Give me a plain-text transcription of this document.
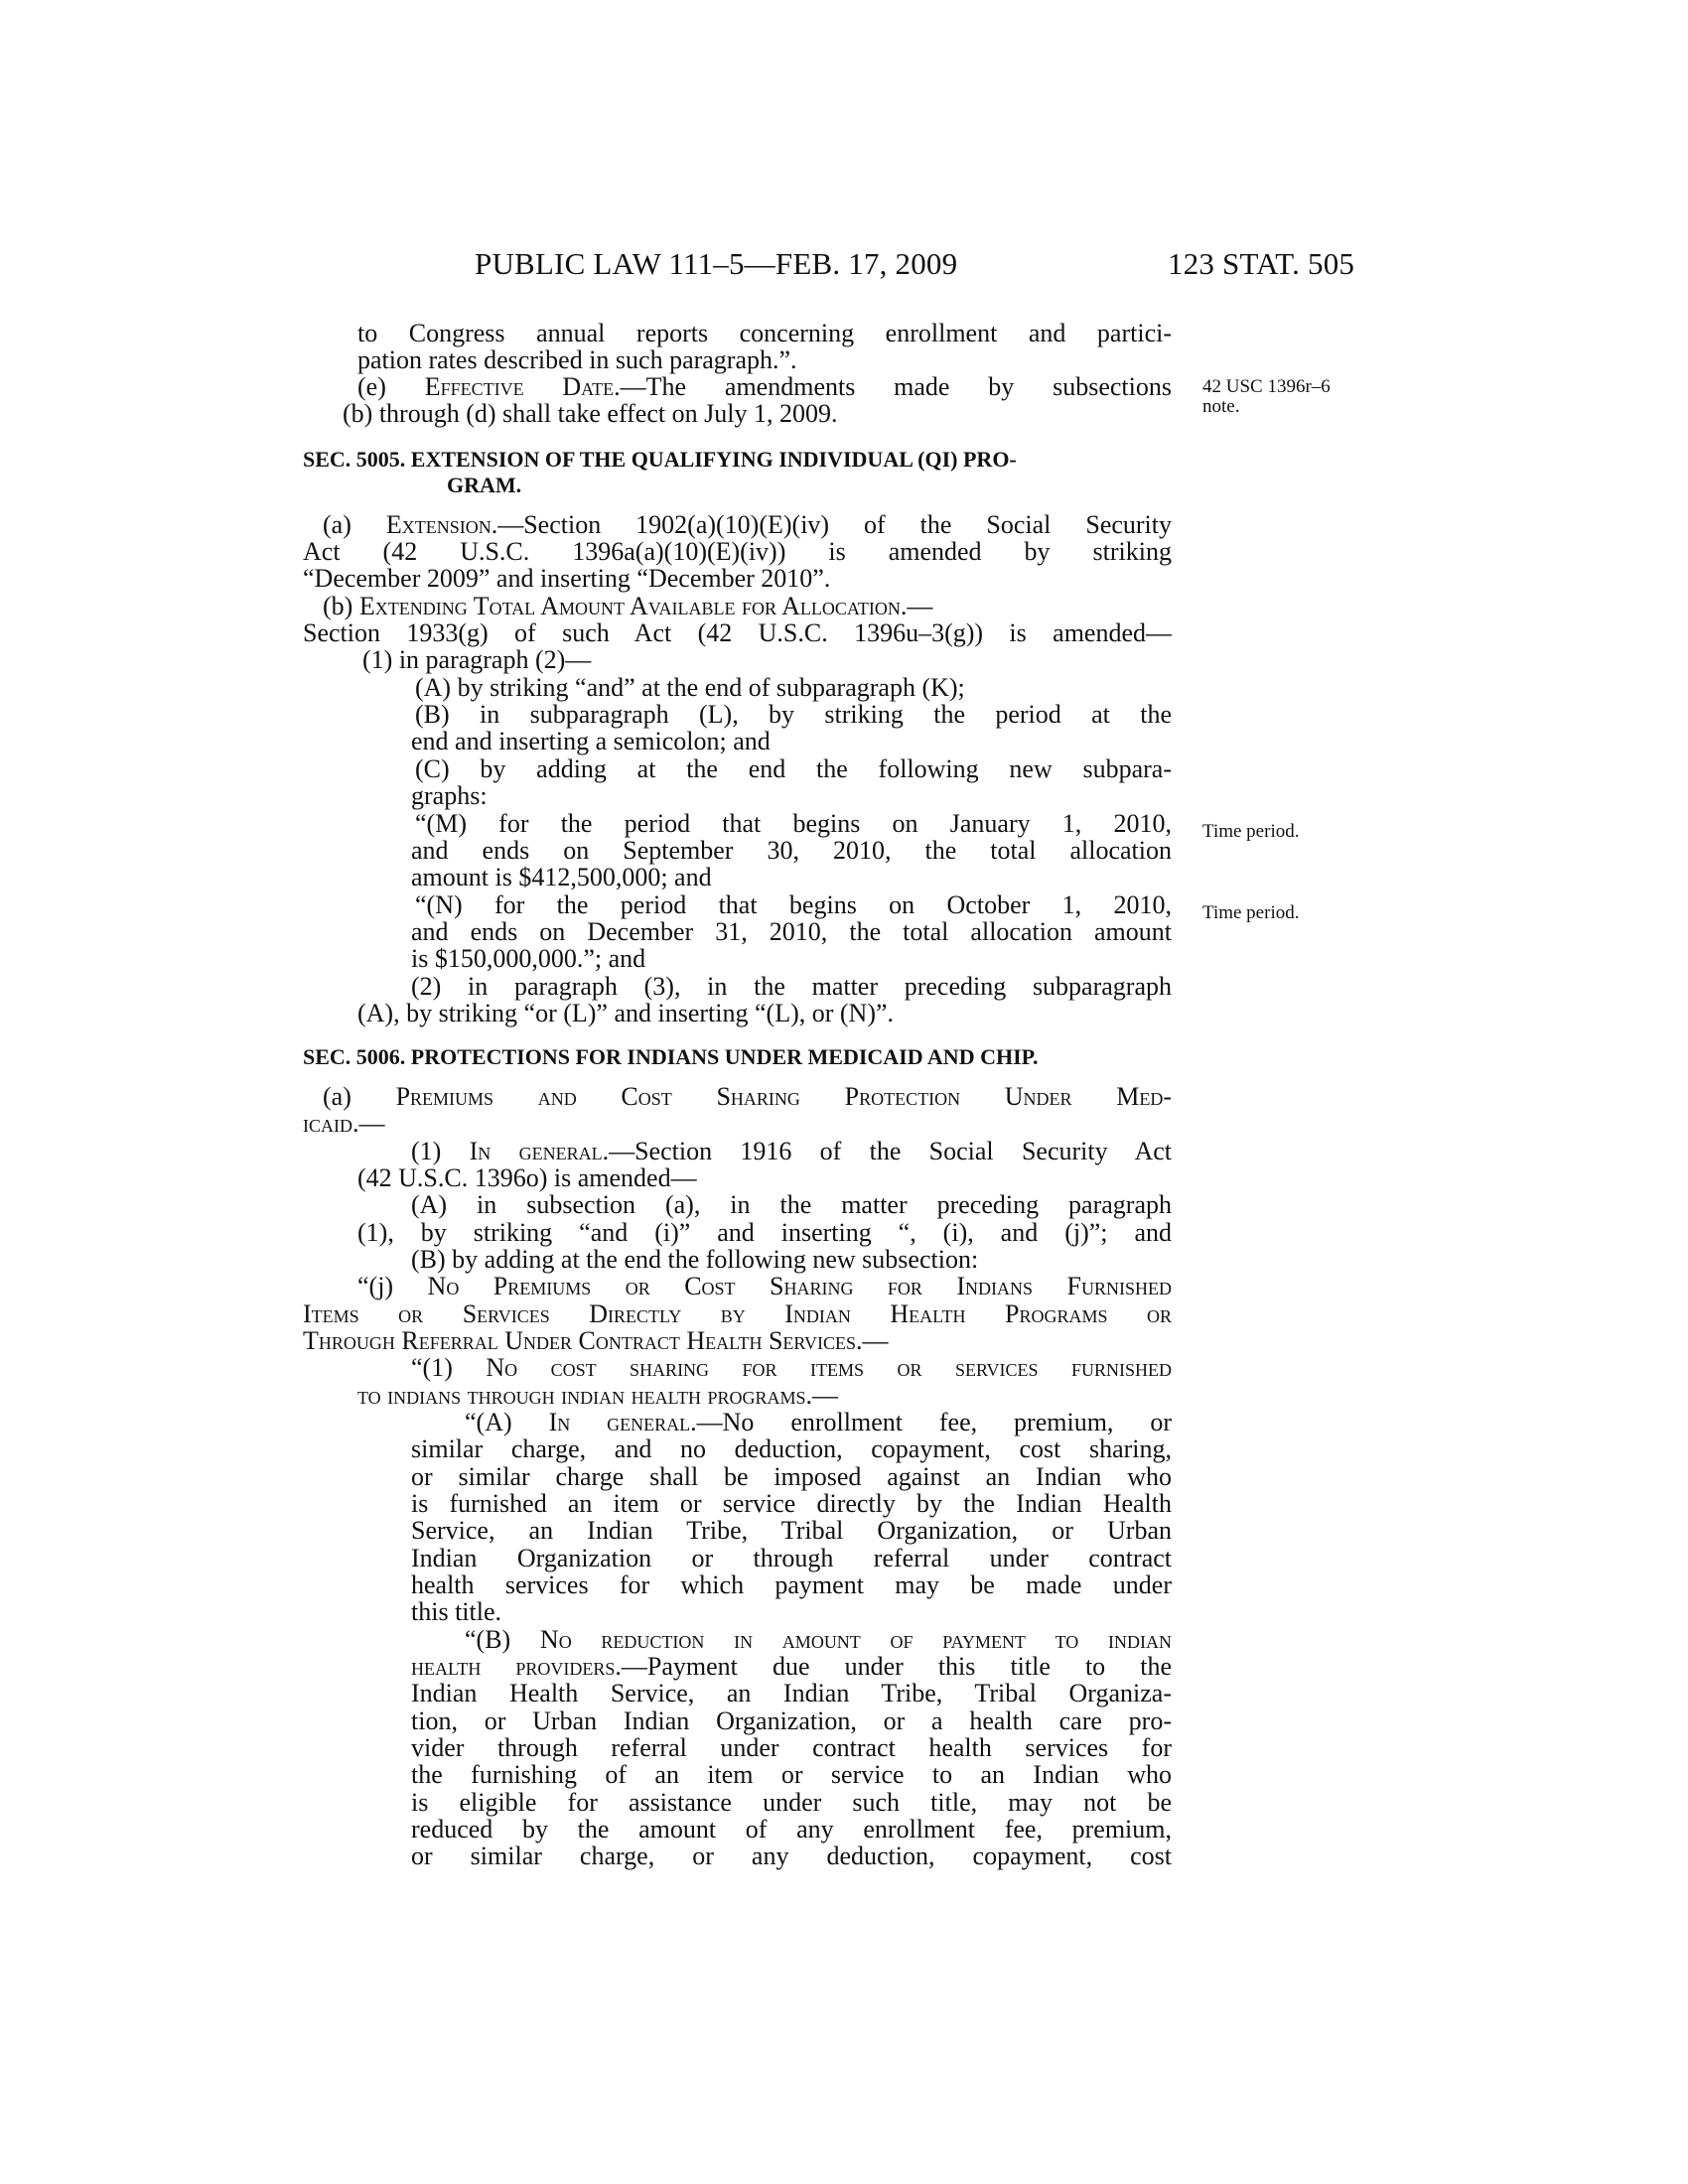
PUBLIC LAW 111–5—FEB. 17, 2009	123 STAT. 505
42 USC 1396r–6
note.
Time period.
Time period.
to Congress annual reports concerning enrollment and partici-
pation rates described in such paragraph.”.
(e) Effective Date.—The amendments made by subsections
(b) through (d) shall take effect on July 1, 2009.
SEC. 5005. EXTENSION OF THE QUALIFYING INDIVIDUAL (QI) PRO-
GRAM.
(a) Extension.—Section 1902(a)(10)(E)(iv) of the Social Security
Act (42 U.S.C. 1396a(a)(10)(E)(iv)) is amended by striking
“December 2009” and inserting “December 2010”.
(b) Extending Total Amount Available for Allocation.—
Section 1933(g) of such Act (42 U.S.C. 1396u–3(g)) is amended—
(1) in paragraph (2)—
(A) by striking “and” at the end of subparagraph (K);
(B) in subparagraph (L), by striking the period at the
end and inserting a semicolon; and
(C) by adding at the end the following new subpara-
graphs:
“(M) for the period that begins on January 1, 2010,
and ends on September 30, 2010, the total allocation
amount is $412,500,000; and
“(N) for the period that begins on October 1, 2010,
and ends on December 31, 2010, the total allocation amount
is $150,000,000.”; and
(2) in paragraph (3), in the matter preceding subparagraph
(A), by striking “or (L)” and inserting “(L), or (N)”.
SEC. 5006. PROTECTIONS FOR INDIANS UNDER MEDICAID AND CHIP.
(a) Premiums and Cost Sharing Protection Under Med-
icaid.—
(1) In general.—Section 1916 of the Social Security Act
(42 U.S.C. 1396o) is amended—
(A) in subsection (a), in the matter preceding paragraph
(1), by striking “and (i)” and inserting “, (i), and (j)”; and
(B) by adding at the end the following new subsection:
“(j) No Premiums or Cost Sharing for Indians Furnished
Items or Services Directly by Indian Health Programs or
Through Referral Under Contract Health Services.—
“(1) No cost sharing for items or services furnished
to indians through indian health programs.—
“(A) In general.—No enrollment fee, premium, or
similar charge, and no deduction, copayment, cost sharing,
or similar charge shall be imposed against an Indian who
is furnished an item or service directly by the Indian Health
Service, an Indian Tribe, Tribal Organization, or Urban
Indian Organization or through referral under contract
health services for which payment may be made under
this title.
“(B) No reduction in amount of payment to indian
health providers.—Payment due under this title to the
Indian Health Service, an Indian Tribe, Tribal Organiza-
tion, or Urban Indian Organization, or a health care pro-
vider through referral under contract health services for
the furnishing of an item or service to an Indian who
is eligible for assistance under such title, may not be
reduced by the amount of any enrollment fee, premium,
or similar charge, or any deduction, copayment, cost
